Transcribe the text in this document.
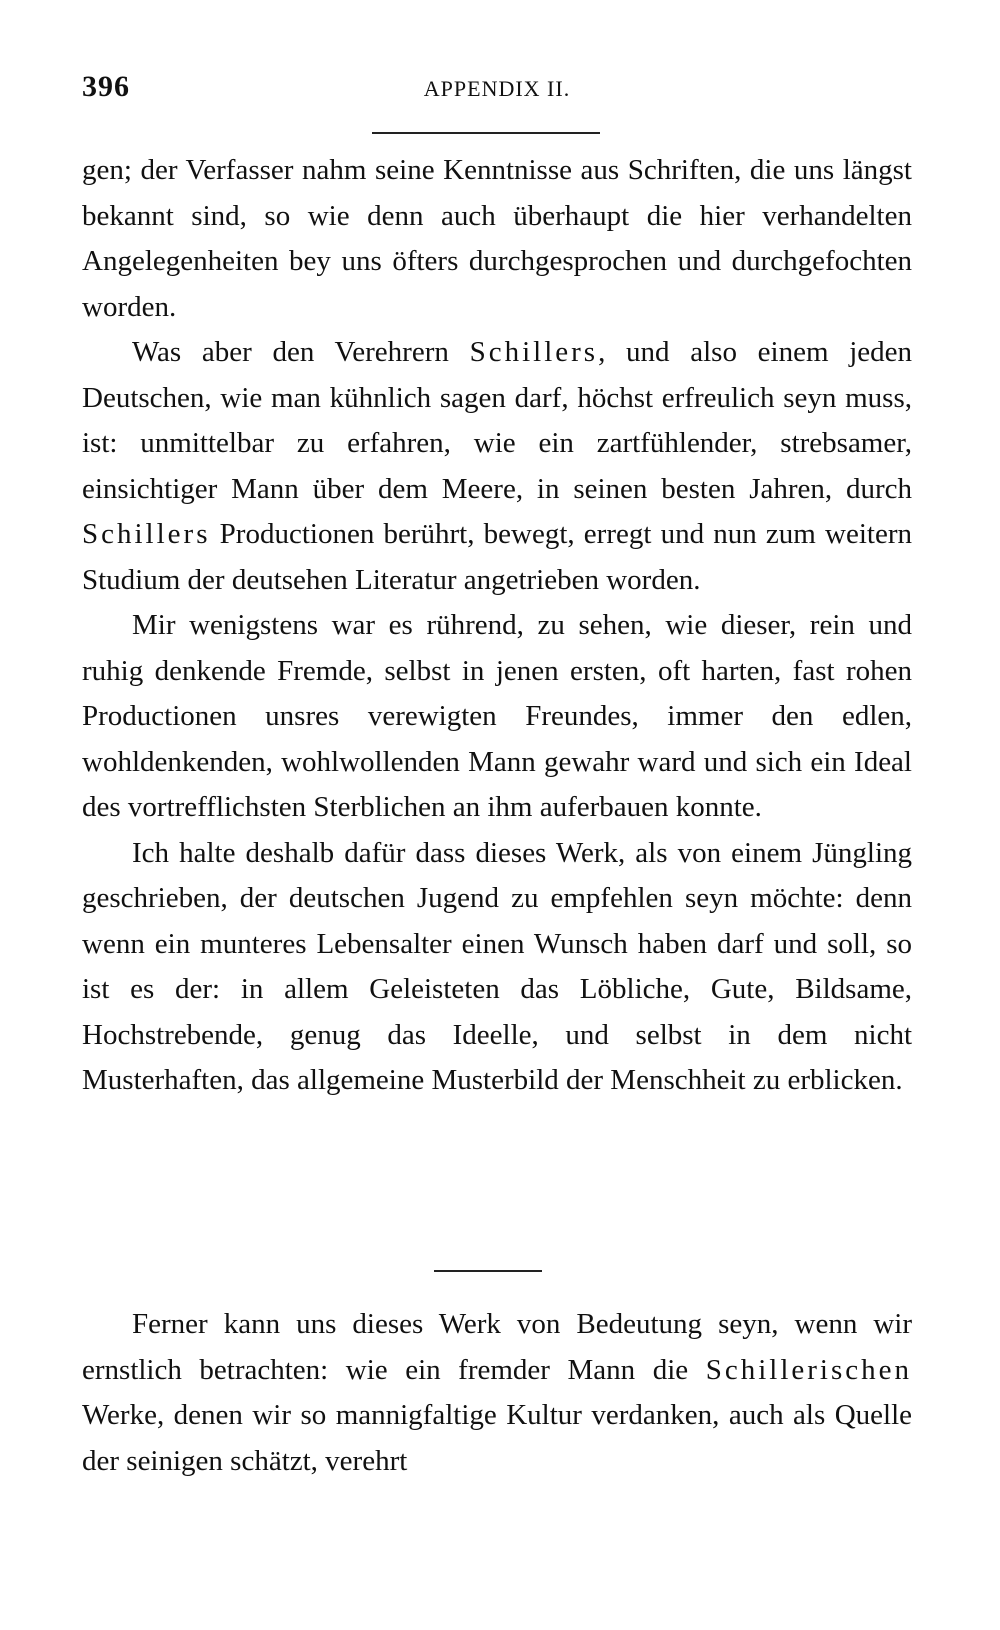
396	APPENDIX II.

gen; der Verfasser nahm seine Kenntnisse aus Schriften, die uns längst bekannt sind, so wie denn auch überhaupt die hier verhandelten Angelegenheiten bey uns öfters durchgesprochen und durchgefochten worden.

Was aber den Verehrern Schillers, und also einem jeden Deutschen, wie man kühnlich sagen darf, höchst erfreulich seyn muss, ist: unmittelbar zu erfahren, wie ein zartfühlender, strebsamer, einsichtiger Mann über dem Meere, in seinen besten Jahren, durch Schillers Productionen berührt, bewegt, erregt und nun zum weitern Studium der deutsehen Literatur angetrieben worden.

Mir wenigstens war es rührend, zu sehen, wie dieser, rein und ruhig denkende Fremde, selbst in jenen ersten, oft harten, fast rohen Productionen unsres verewigten Freundes, immer den edlen, wohldenkenden, wohlwollenden Mann gewahr ward und sich ein Ideal des vortrefflichsten Sterblichen an ihm auferbauen konnte.

Ich halte deshalb dafür dass dieses Werk, als von einem Jüngling geschrieben, der deutschen Jugend zu empfehlen seyn möchte: denn wenn ein munteres Lebensalter einen Wunsch haben darf und soll, so ist es der: in allem Geleisteten das Löbliche, Gute, Bildsame, Hochstrebende, genug das Ideelle, und selbst in dem nicht Musterhaften, das allgemeine Musterbild der Menschheit zu erblicken.

Ferner kann uns dieses Werk von Bedeutung seyn, wenn wir ernstlich betrachten: wie ein fremder Mann die Schillerischen Werke, denen wir so mannigfaltige Kultur verdanken, auch als Quelle der seinigen schätzt, verehrt
